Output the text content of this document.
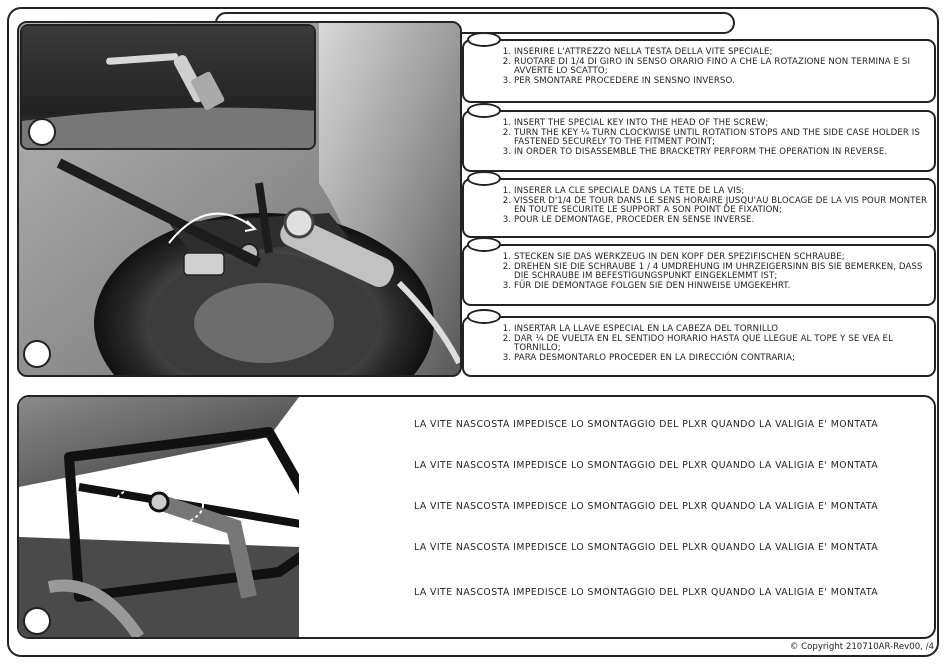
1. INSERIRE L'ATTREZZO NELLA TESTA DELLA VITE SPECIALE;
2. RUOTARE DI 1/4 DI GIRO IN SENSO ORARIO FINO A CHE LA ROTAZIONE NON TERMINA E SI AVVERTE LO SCATTO;
3. PER SMONTARE PROCEDERE IN SENSNO INVERSO.
1. INSERT THE SPECIAL KEY INTO THE HEAD OF THE SCREW;
2. TURN THE KEY ¼ TURN CLOCKWISE UNTIL ROTATION STOPS AND THE SIDE CASE HOLDER IS FASTENED SECURELY TO THE FITMENT POINT;
3. IN ORDER TO DISASSEMBLE THE BRACKETRY PERFORM THE OPERATION IN REVERSE.
1. INSERER LA CLE SPECIALE DANS LA TETE DE LA VIS;
2. VISSER D'1/4 DE TOUR DANS LE SENS HORAIRE JUSQU'AU BLOCAGE DE LA VIS POUR MONTER EN TOUTE SECURITE LE SUPPORT A SON POINT DE FIXATION;
3. POUR LE DEMONTAGE, PROCEDER EN SENSE INVERSE.
1. STECKEN SIE DAS WERKZEUG IN DEN KOPF DER SPEZIFISCHEN SCHRAUBE;
2. DREHEN SIE DIE SCHRAUBE 1 / 4 UMDREHUNG IM UHRZEIGERSINN BIS SIE BEMERKEN, DASS DIE SCHRAUBE IM BEFESTIGUNGSPUNKT EINGEKLEMMT IST;
3. FÜR DIE DEMONTAGE FOLGEN SIE DEN HINWEISE UMGEKEHRT.
1. INSERTAR LA LLAVE ESPECIAL EN LA CABEZA DEL TORNILLO
2. DAR ¼ DE VUELTA EN EL SENTIDO HORARIO HASTA QUE LLEGUE AL TOPE Y SE VEA EL TORNILLO;
3. PARA DESMONTARLO PROCEDER EN LA DIRECCIÓN CONTRARIA;
LA VITE NASCOSTA IMPEDISCE LO SMONTAGGIO DEL PLXR QUANDO LA VALIGIA E' MONTATA
LA VITE NASCOSTA IMPEDISCE LO SMONTAGGIO DEL PLXR QUANDO LA VALIGIA E' MONTATA
LA VITE NASCOSTA IMPEDISCE LO SMONTAGGIO DEL PLXR QUANDO LA VALIGIA E' MONTATA
LA VITE NASCOSTA IMPEDISCE LO SMONTAGGIO DEL PLXR QUANDO LA VALIGIA E' MONTATA
LA VITE NASCOSTA IMPEDISCE LO SMONTAGGIO DEL PLXR QUANDO LA VALIGIA E' MONTATA
© Copyright 210710AR-Rev00, /4
